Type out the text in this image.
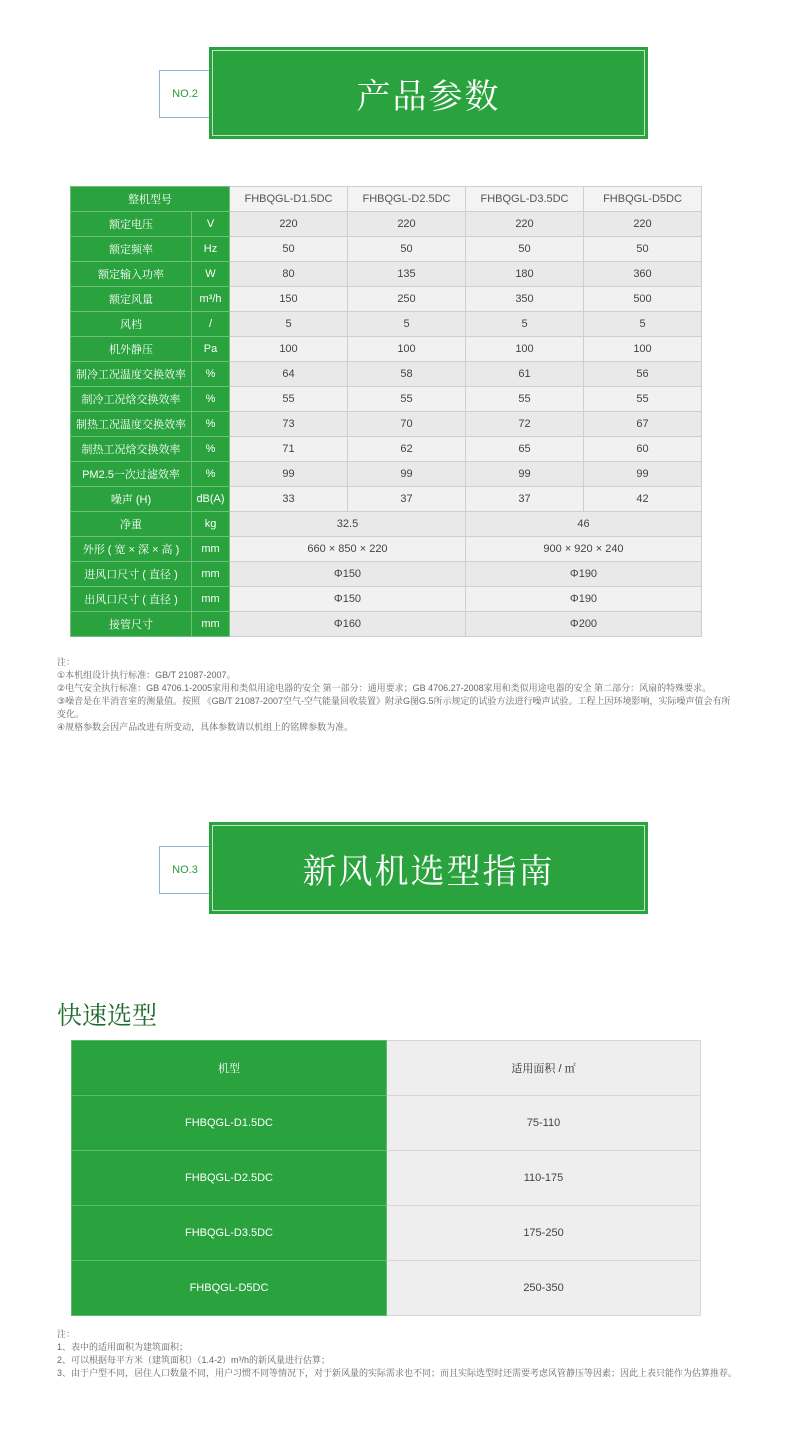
NO.2	产品参数
整机型号		FHBQGL-D1.5DC	FHBQGL-D2.5DC	FHBQGL-D3.5DC	FHBQGL-D5DC
额定电压	V	220	220	220	220
额定频率	Hz	50	50	50	50
额定输入功率	W	80	135	180	360
额定风量	m³/h	150	250	350	500
风档	/	5	5	5	5
机外静压	Pa	100	100	100	100
制冷工况温度交换效率	%	64	58	61	56
制冷工况焓交换效率	%	55	55	55	55
制热工况温度交换效率	%	73	70	72	67
制热工况焓交换效率	%	71	62	65	60
PM2.5一次过滤效率	%	99	99	99	99
噪声 (H)	dB(A)	33	37	37	42
净重	kg	32.5		46	
外形 ( 宽 × 深 × 高 )	mm	660 × 850 × 220		900 × 920 × 240	
进风口尺寸 ( 直径 )	mm	Φ150		Φ190	
出风口尺寸 ( 直径 )	mm	Φ150		Φ190	
接管尺寸	mm	Φ160		Φ200	

注：

①本机组设计执行标准：GB/T 21087-2007。

②电气安全执行标准：GB 4706.1-2005家用和类似用途电器的安全 第一部分：通用要求；GB 4706.27-2008家用和类似用途电器的安全 第二部分：风扇的特殊要求。

③噪音是在半消音室的测量值。按照 《GB/T 21087-2007空气-空气能量回收装置》附录G图G.5所示规定的试验方法进行噪声试验。工程上因环境影响，实际噪声值会有所变化。

④规格参数会因产品改进有所变动，具体参数请以机组上的铭牌参数为准。

NO.3	新风机选型指南
快速选型
机型	适用面积 / ㎡
FHBQGL-D1.5DC	75-110
FHBQGL-D2.5DC	110-175
FHBQGL-D3.5DC	175-250
FHBQGL-D5DC	250-350

注：

1、表中的适用面积为建筑面积；

2、可以根据每平方米（建筑面积）（1.4-2）m³/h的新风量进行估算；

3、由于户型不同，居住人口数量不同，用户习惯不同等情况下，对于新风量的实际需求也不同；而且实际选型时还需要考虑风管静压等因素；因此上表只能作为估算推荐。
